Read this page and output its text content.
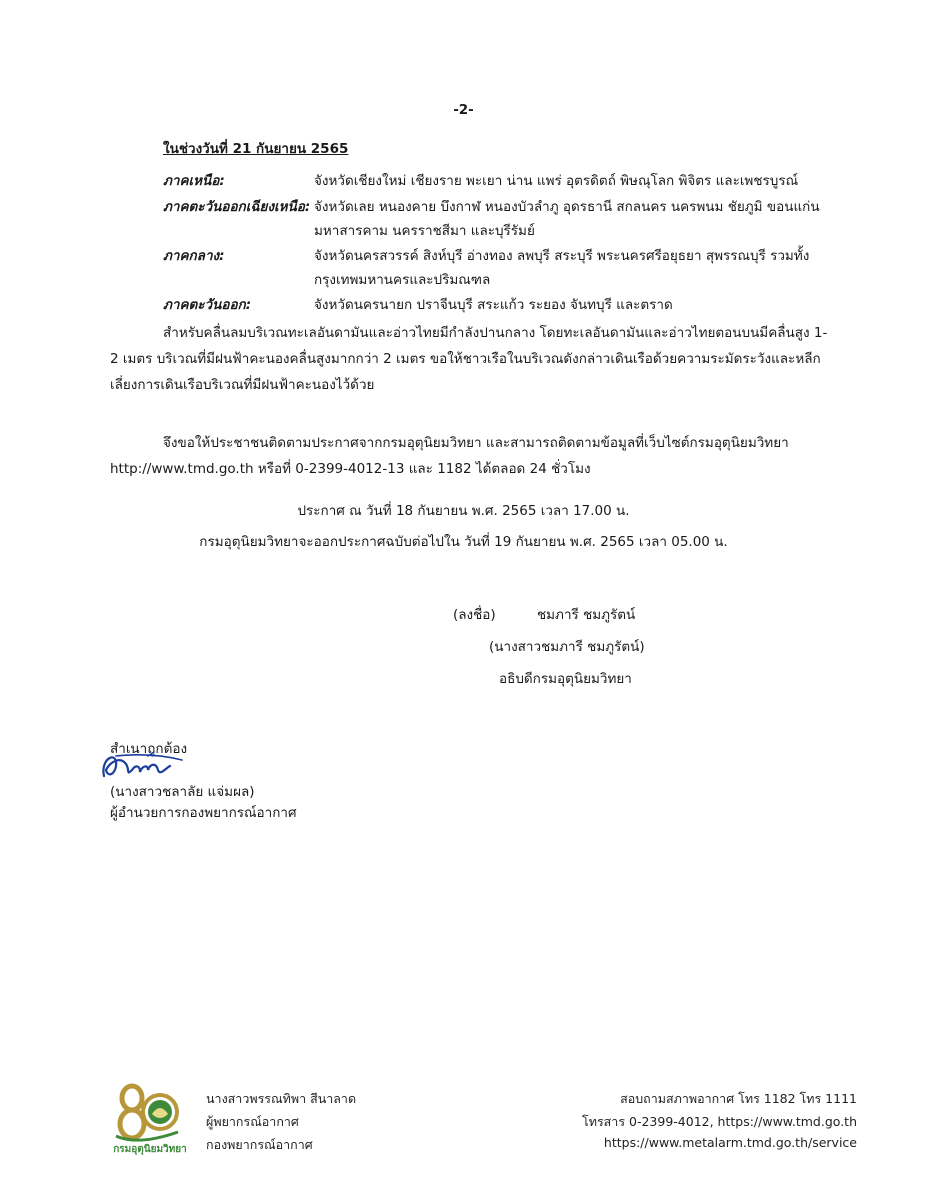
-2-
ในช่วงวันที่ 21 กันยายน 2565
ภาคเหนือ:	จังหวัดเชียงใหม่ เชียงราย พะเยา น่าน แพร่ อุตรดิตถ์ พิษณุโลก พิจิตร และเพชรบูรณ์
ภาคตะวันออกเฉียงเหนือ: จังหวัดเลย หนองคาย บึงกาฬ หนองบัวลำภู อุดรธานี สกลนคร นครพนม ชัยภูมิ ขอนแก่น
มหาสารคาม นครราชสีมา และบุรีรัมย์
ภาคกลาง:	จังหวัดนครสวรรค์ สิงห์บุรี อ่างทอง ลพบุรี สระบุรี พระนครศรีอยุธยา สุพรรณบุรี รวมทั้ง
กรุงเทพมหานครและปริมณฑล
ภาคตะวันออก:	จังหวัดนครนายก ปราจีนบุรี สระแก้ว ระยอง จันทบุรี และตราด
สำหรับคลื่นลมบริเวณทะเลอันดามันและอ่าวไทยมีกำลังปานกลาง โดยทะเลอันดามันและอ่าวไทยตอนบนมีคลื่นสูง 1-2 เมตร บริเวณที่มีฝนฟ้าคะนองคลื่นสูงมากกว่า 2 เมตร ขอให้ชาวเรือในบริเวณดังกล่าวเดินเรือด้วยความระมัดระวังและหลีกเลี่ยงการเดินเรือบริเวณที่มีฝนฟ้าคะนองไว้ด้วย
จึงขอให้ประชาชนติดตามประกาศจากกรมอุตุนิยมวิทยา และสามารถติดตามข้อมูลที่เว็บไซต์กรมอุตุนิยมวิทยา http://www.tmd.go.th หรือที่ 0-2399-4012-13 และ 1182 ได้ตลอด 24 ชั่วโมง
ประกาศ ณ วันที่ 18 กันยายน พ.ศ. 2565 เวลา 17.00 น.
กรมอุตุนิยมวิทยาจะออกประกาศฉบับต่อไปใน วันที่ 19 กันยายน พ.ศ. 2565 เวลา 05.00 น.
(ลงชื่อ)	ชมภารี ชมภูรัตน์
(นางสาวชมภารี ชมภูรัตน์)
อธิบดีกรมอุตุนิยมวิทยา
สำเนาถูกต้อง
(นางสาวชลาลัย แจ่มผล)
ผู้อำนวยการกองพยากรณ์อากาศ
กรมอุตุนิยมวิทยา
นางสาวพรรณทิพา สีนาลาด
ผู้พยากรณ์อากาศ
กองพยากรณ์อากาศ
สอบถามสภาพอากาศ โทร 1182 โทร 1111
โทรสาร 0-2399-4012, https://www.tmd.go.th
https://www.metalarm.tmd.go.th/service
